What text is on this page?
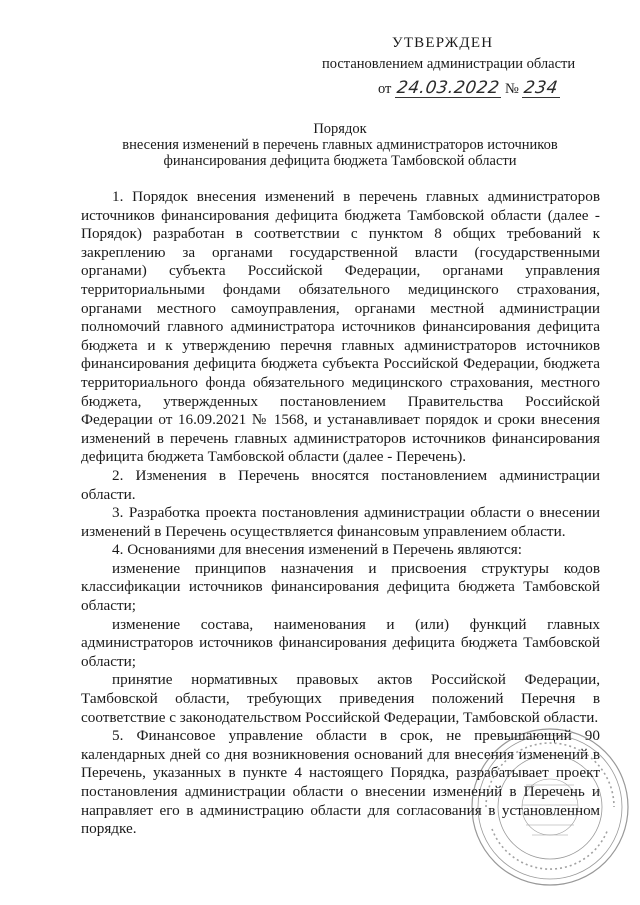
УТВЕРЖДЕН
постановлением администрации области
от 24.03.2022 № 234
Порядок
внесения изменений в перечень главных администраторов источников
финансирования дефицита бюджета Тамбовской области

1. Порядок внесения изменений в перечень главных администраторов источников финансирования дефицита бюджета Тамбовской области (далее - Порядок) разработан в соответствии с пунктом 8 общих требований к закреплению за органами государственной власти (государственными органами) субъекта Российской Федерации, органами управления территориальными фондами обязательного медицинского страхования, органами местного самоуправления, органами местной администрации полномочий главного администратора источников финансирования дефицита бюджета и к утверждению перечня главных администраторов источников финансирования дефицита бюджета субъекта Российской Федерации, бюджета территориального фонда обязательного медицинского страхования, местного бюджета, утвержденных постановлением Правительства Российской Федерации от 16.09.2021 № 1568, и устанавливает порядок и сроки внесения изменений в перечень главных администраторов источников финансирования дефицита бюджета Тамбовской области (далее - Перечень).

2. Изменения в Перечень вносятся постановлением администрации области.

3. Разработка проекта постановления администрации области о внесении изменений в Перечень осуществляется финансовым управлением области.

4. Основаниями для внесения изменений в Перечень являются:

изменение принципов назначения и присвоения структуры кодов классификации источников финансирования дефицита бюджета Тамбовской области;

изменение состава, наименования и (или) функций главных администраторов источников финансирования дефицита бюджета Тамбовской области;

принятие нормативных правовых актов Российской Федерации, Тамбовской области, требующих приведения положений Перечня в соответствие с законодательством Российской Федерации, Тамбовской области.

5. Финансовое управление области в срок, не превышающий 90 календарных дней со дня возникновения оснований для внесения изменений в Перечень, указанных в пункте 4 настоящего Порядка, разрабатывает проект постановления администрации области о внесении изменений в Перечень и направляет его в администрацию области для согласования в установленном порядке.
